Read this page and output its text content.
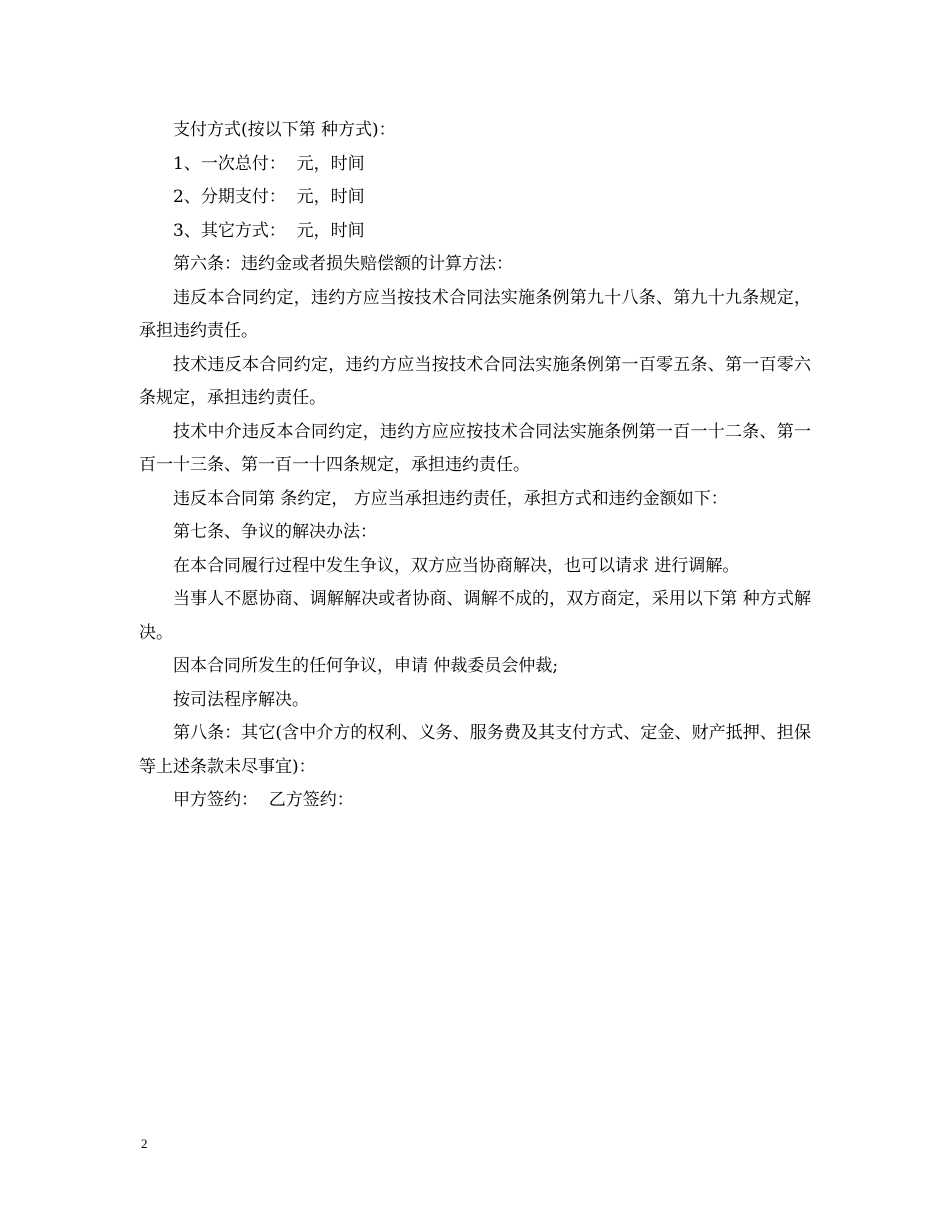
支付方式(按以下第 种方式)：

1、一次总付：  元，时间

2、分期支付：  元，时间

3、其它方式：  元，时间

第六条：违约金或者损失赔偿额的计算方法：

违反本合同约定，违约方应当按技术合同法实施条例第九十八条、第九十九条规定，承担违约责任。

技术违反本合同约定，违约方应当按技术合同法实施条例第一百零五条、第一百零六条规定，承担违约责任。

技术中介违反本合同约定，违约方应应按技术合同法实施条例第一百一十二条、第一百一十三条、第一百一十四条规定，承担违约责任。

违反本合同第 条约定， 方应当承担违约责任，承担方式和违约金额如下：

第七条、争议的解决办法：

在本合同履行过程中发生争议，双方应当协商解决，也可以请求 进行调解。

当事人不愿协商、调解解决或者协商、调解不成的，双方商定，采用以下第 种方式解决。

因本合同所发生的任何争议，申请 仲裁委员会仲裁;

按司法程序解决。

第八条：其它(含中介方的权利、义务、服务费及其支付方式、定金、财产抵押、担保等上述条款未尽事宜)：

甲方签约：  乙方签约：

2
